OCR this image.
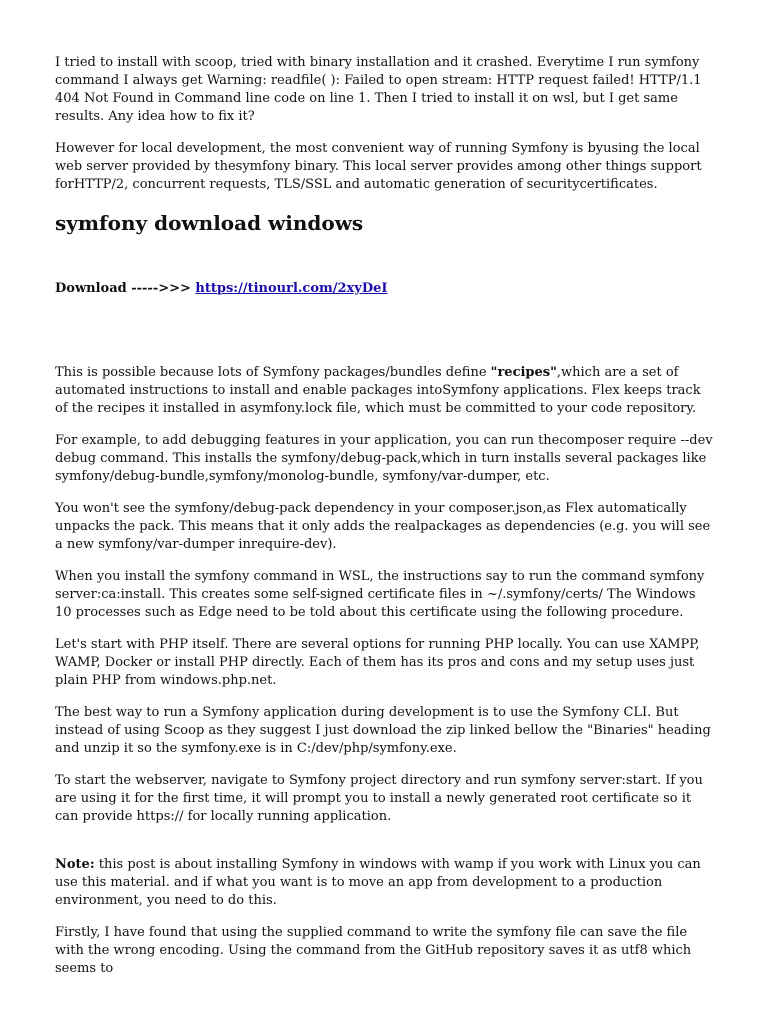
I tried to install with scoop, tried with binary installation and it crashed. Everytime I run symfony command I always get Warning: readfile( ): Failed to open stream: HTTP request failed! HTTP/1.1 404 Not Found in Command line code on line 1. Then I tried to install it on wsl, but I get same results. Any idea how to fix it?

However for local development, the most convenient way of running Symfony is byusing the local web server provided by thesymfony binary. This local server provides among other things support forHTTP/2, concurrent requests, TLS/SSL and automatic generation of securitycertificates.

symfony download windows
Download ----->>> https://tinourl.com/2xyDeI

This is possible because lots of Symfony packages/bundles define "recipes",which are a set of automated instructions to install and enable packages intoSymfony applications. Flex keeps track of the recipes it installed in asymfony.lock file, which must be committed to your code repository.

For example, to add debugging features in your application, you can run thecomposer require --dev debug command. This installs the symfony/debug-pack,which in turn installs several packages like symfony/debug-bundle,symfony/monolog-bundle, symfony/var-dumper, etc.

You won't see the symfony/debug-pack dependency in your composer.json,as Flex automatically unpacks the pack. This means that it only adds the realpackages as dependencies (e.g. you will see a new symfony/var-dumper inrequire-dev).

When you install the symfony command in WSL, the instructions say to run the command symfony server:ca:install. This creates some self-signed certificate files in ~/.symfony/certs/ The Windows 10 processes such as Edge need to be told about this certificate using the following procedure.

Let's start with PHP itself. There are several options for running PHP locally. You can use XAMPP, WAMP, Docker or install PHP directly. Each of them has its pros and cons and my setup uses just plain PHP from windows.php.net.

The best way to run a Symfony application during development is to use the Symfony CLI. But instead of using Scoop as they suggest I just download the zip linked bellow the "Binaries" heading and unzip it so the symfony.exe is in C:/dev/php/symfony.exe.

To start the webserver, navigate to Symfony project directory and run symfony server:start. If you are using it for the first time, it will prompt you to install a newly generated root certificate so it can provide https:// for locally running application.

Note: this post is about installing Symfony in windows with wamp if you work with Linux you can use this material. and if what you want is to move an app from development to a production environment, you need to do this.

Firstly, I have found that using the supplied command to write the symfony file can save the file with the wrong encoding. Using the command from the GitHub repository saves it as utf8 which seems to
